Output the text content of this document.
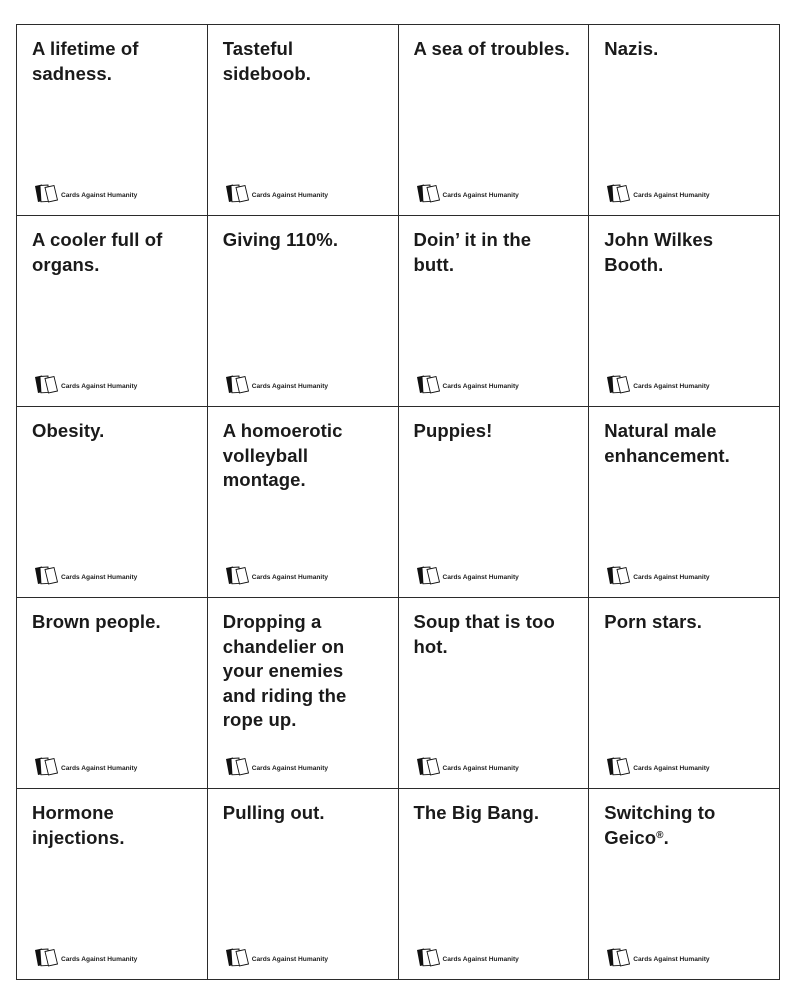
A lifetime of
sadness.

Cards Against Humanity

Tasteful
sideboob.

Cards Against Humanity

A sea of troubles.

Cards Against Humanity

Nazis.

Cards Against Humanity

A cooler full of
organs.

Cards Against Humanity

Giving 110%.

Cards Against Humanity

Doin’ it in the
butt.

Cards Against Humanity

John Wilkes
Booth.

Cards Against Humanity

Obesity.

Cards Against Humanity

A homoerotic
volleyball
montage.

Cards Against Humanity

Puppies!

Cards Against Humanity

Natural male
enhancement.

Cards Against Humanity

Brown people.

Cards Against Humanity

Dropping a
chandelier on
your enemies
and riding the
rope up.

Cards Against Humanity

Soup that is too
hot.

Cards Against Humanity

Porn stars.

Cards Against Humanity

Hormone
injections.

Cards Against Humanity

Pulling out.

Cards Against Humanity

The Big Bang.

Cards Against Humanity

Switching to
Geico®.

Cards Against Humanity
